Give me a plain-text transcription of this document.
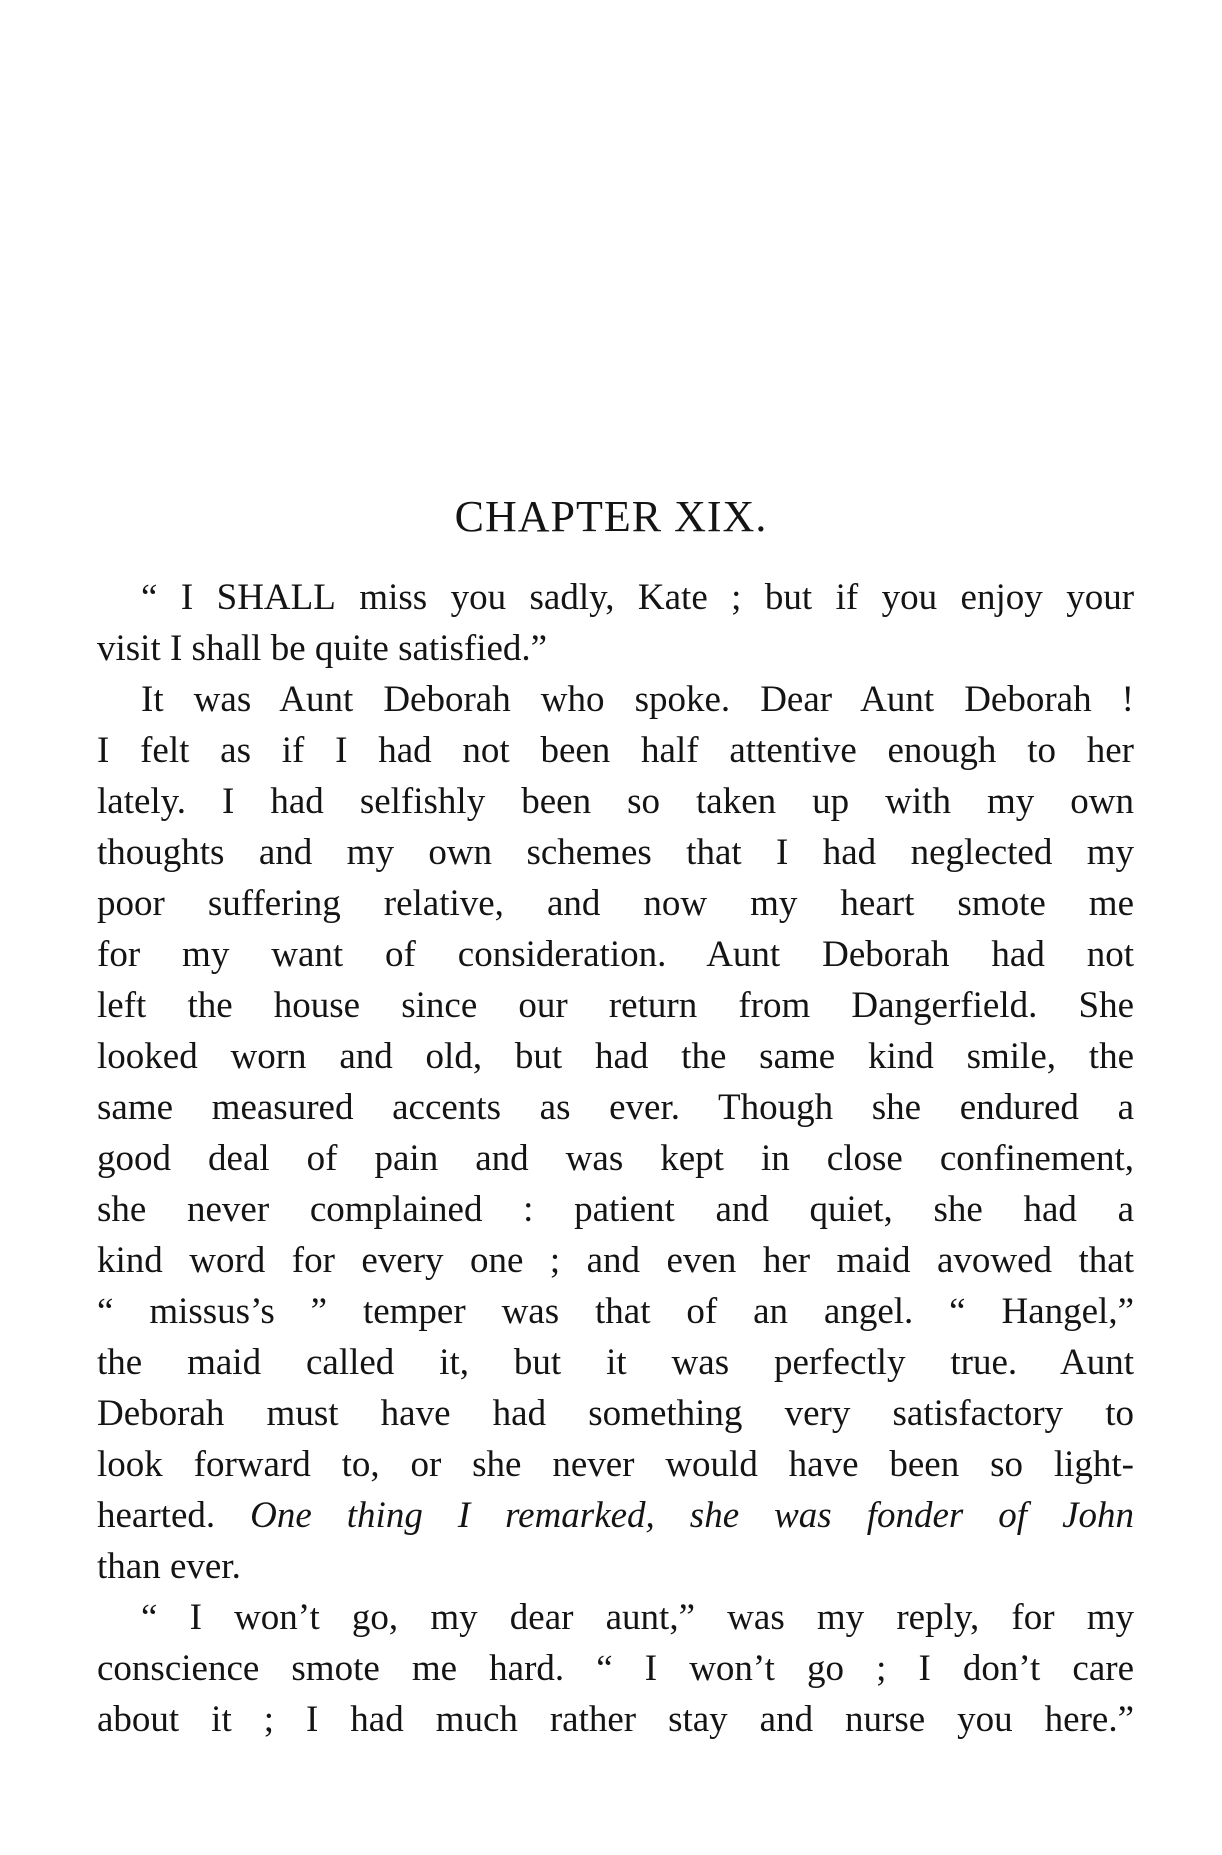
CHAPTER XIX.
“ I SHALL miss you sadly, Kate ; but if you enjoy your
visit I shall be quite satisfied.”
It was Aunt Deborah who spoke. Dear Aunt Deborah !
I felt as if I had not been half attentive enough to her
lately. I had selfishly been so taken up with my own
thoughts and my own schemes that I had neglected my
poor suffering relative, and now my heart smote me
for my want of consideration. Aunt Deborah had not
left the house since our return from Dangerfield. She
looked worn and old, but had the same kind smile, the
same measured accents as ever. Though she endured a
good deal of pain and was kept in close confinement,
she never complained : patient and quiet, she had a
kind word for every one ; and even her maid avowed that
“ missus’s ” temper was that of an angel. “ Hangel,”
the maid called it, but it was perfectly true. Aunt
Deborah must have had something very satisfactory to
look forward to, or she never would have been so light-
hearted. One thing I remarked, she was fonder of John
than ever.
“ I won’t go, my dear aunt,” was my reply, for my
conscience smote me hard. “ I won’t go ; I don’t care
about it ; I had much rather stay and nurse you here.”
